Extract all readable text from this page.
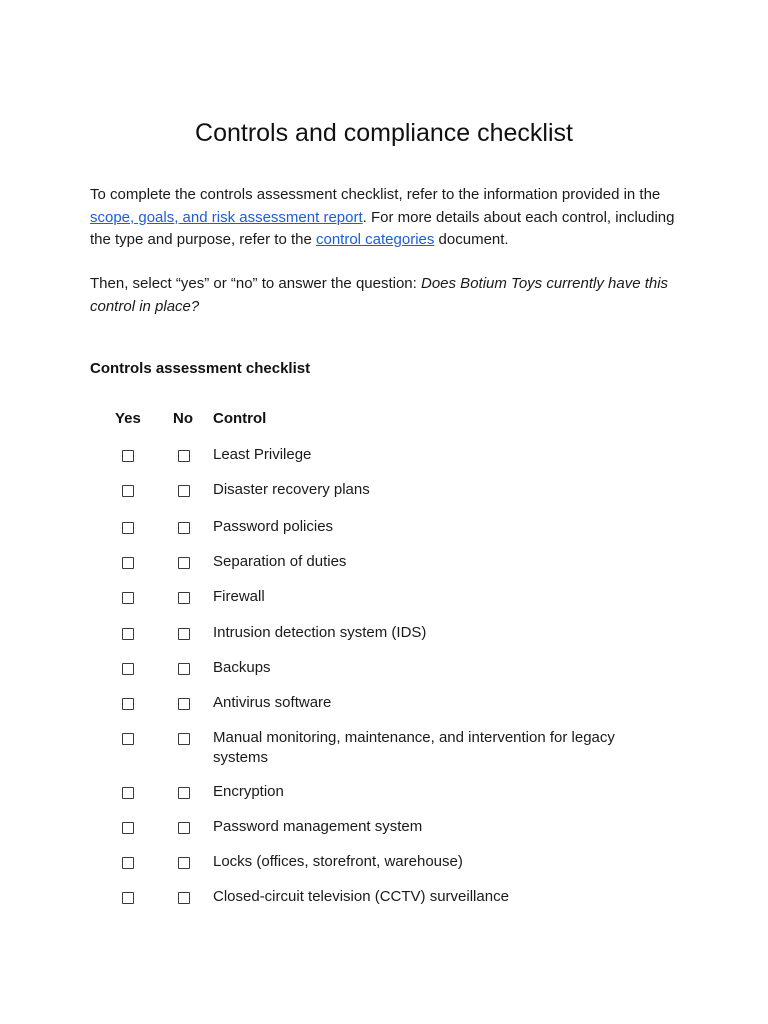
Controls and compliance checklist

To complete the controls assessment checklist, refer to the information provided in the scope, goals, and risk assessment report. For more details about each control, including the type and purpose, refer to the control categories document.

Then, select “yes” or “no” to answer the question: Does Botium Toys currently have this control in place?

Controls assessment checklist
Yes No Control
Least Privilege
Disaster recovery plans
Password policies
Separation of duties
Firewall
Intrusion detection system (IDS)
Backups
Antivirus software
Manual monitoring, maintenance, and intervention for legacy systems
Encryption
Password management system
Locks (offices, storefront, warehouse)
Closed-circuit television (CCTV) surveillance
